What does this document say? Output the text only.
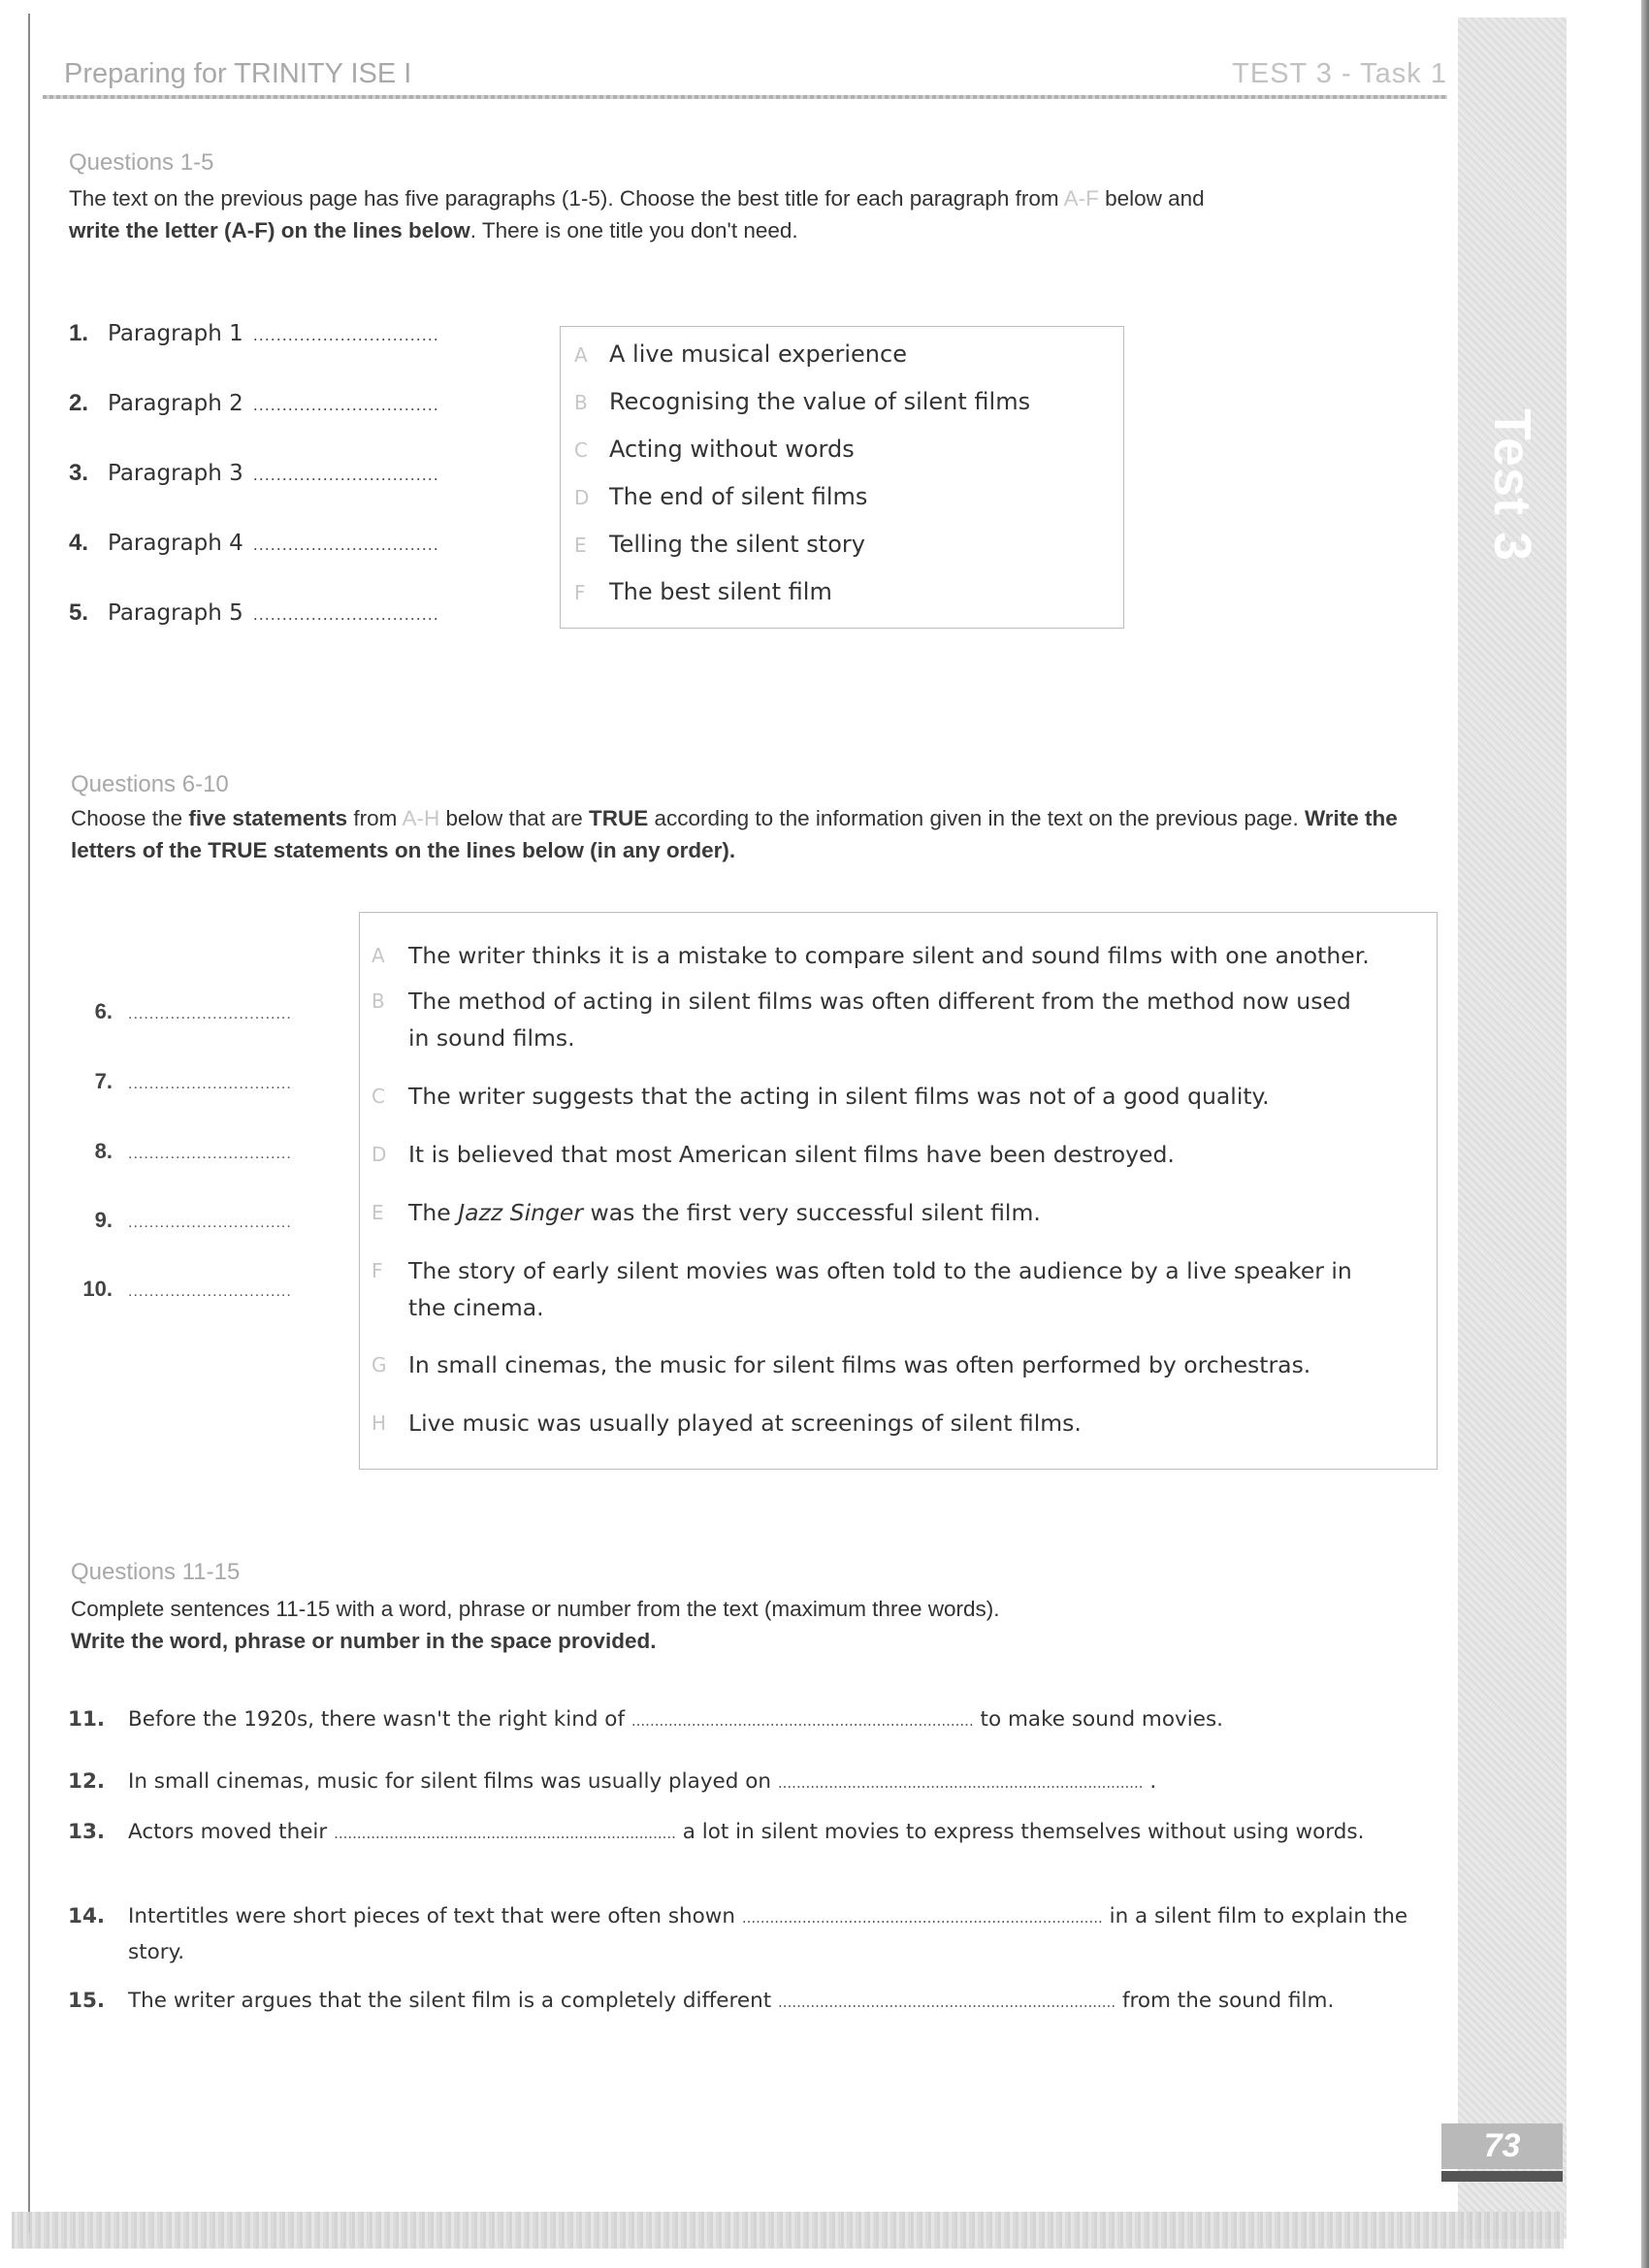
Test 3
73
Preparing for TRINITY ISE I	TEST 3 - Task 1
Questions 1-5
The text on the previous page has five paragraphs (1-5). Choose the best title for each paragraph from A-F below and
write the letter (A-F) on the lines below. There is one title you don't need.
1. Paragraph 1 ................................
2. Paragraph 2 ................................
3. Paragraph 3 ................................
4. Paragraph 4 ................................
5. Paragraph 5 ................................
A A live musical experience
B Recognising the value of silent films
C Acting without words
D The end of silent films
E Telling the silent story
F	The best silent film
Questions 6-10
Choose the five statements from A-H below that are TRUE according to the information given in the text on the previous page. Write the letters of the TRUE statements on the lines below (in any order).
6.	...............................
7.	...............................
8.	...............................
9.	...............................
10.	...............................
A	The writer thinks it is a mistake to compare silent and sound films with one another.
B	The method of acting in silent films was often different from the method now used in sound films.
C	The writer suggests that the acting in silent films was not of a good quality.
D It is believed that most American silent films have been destroyed.
E	The Jazz Singer was the first very successful silent film.
F	The story of early silent movies was often told to the audience by a live speaker in the cinema.
G In small cinemas, the music for silent films was often performed by orchestras.
H Live music was usually played at screenings of silent films.
Questions 11-15
Complete sentences 11-15 with a word, phrase or number from the text (maximum three words).
Write the word, phrase or number in the space provided.
11.	Before the 1920s, there wasn't the right kind of .......................................................................... to make sound movies.
12.	In small cinemas, music for silent films was usually played on ............................................................................... .
13.	Actors moved their .......................................................................... a lot in silent movies to express themselves without using words.
14.	Intertitles were short pieces of text that were often shown .............................................................................. in a silent film to explain the story.
15.	The writer argues that the silent film is a completely different ......................................................................... from the sound film.
